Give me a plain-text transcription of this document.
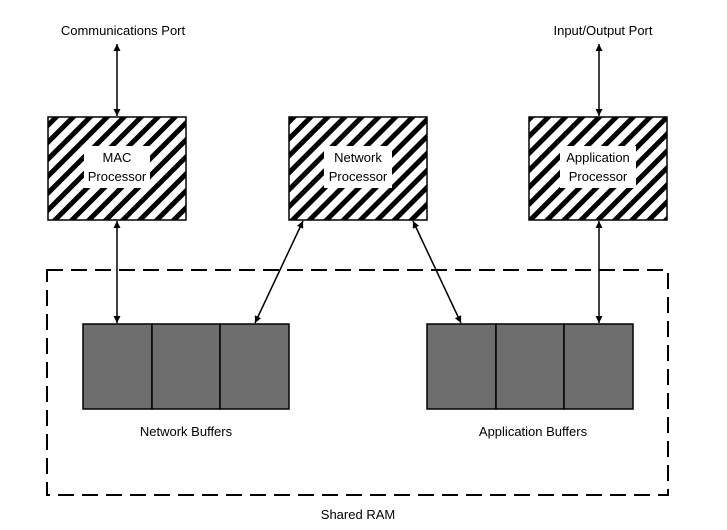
Communications Port	Input/Output Port
MAC
Processor
Network
Processor
Application
Processor
Network Buffers	Application Buffers
Shared RAM
